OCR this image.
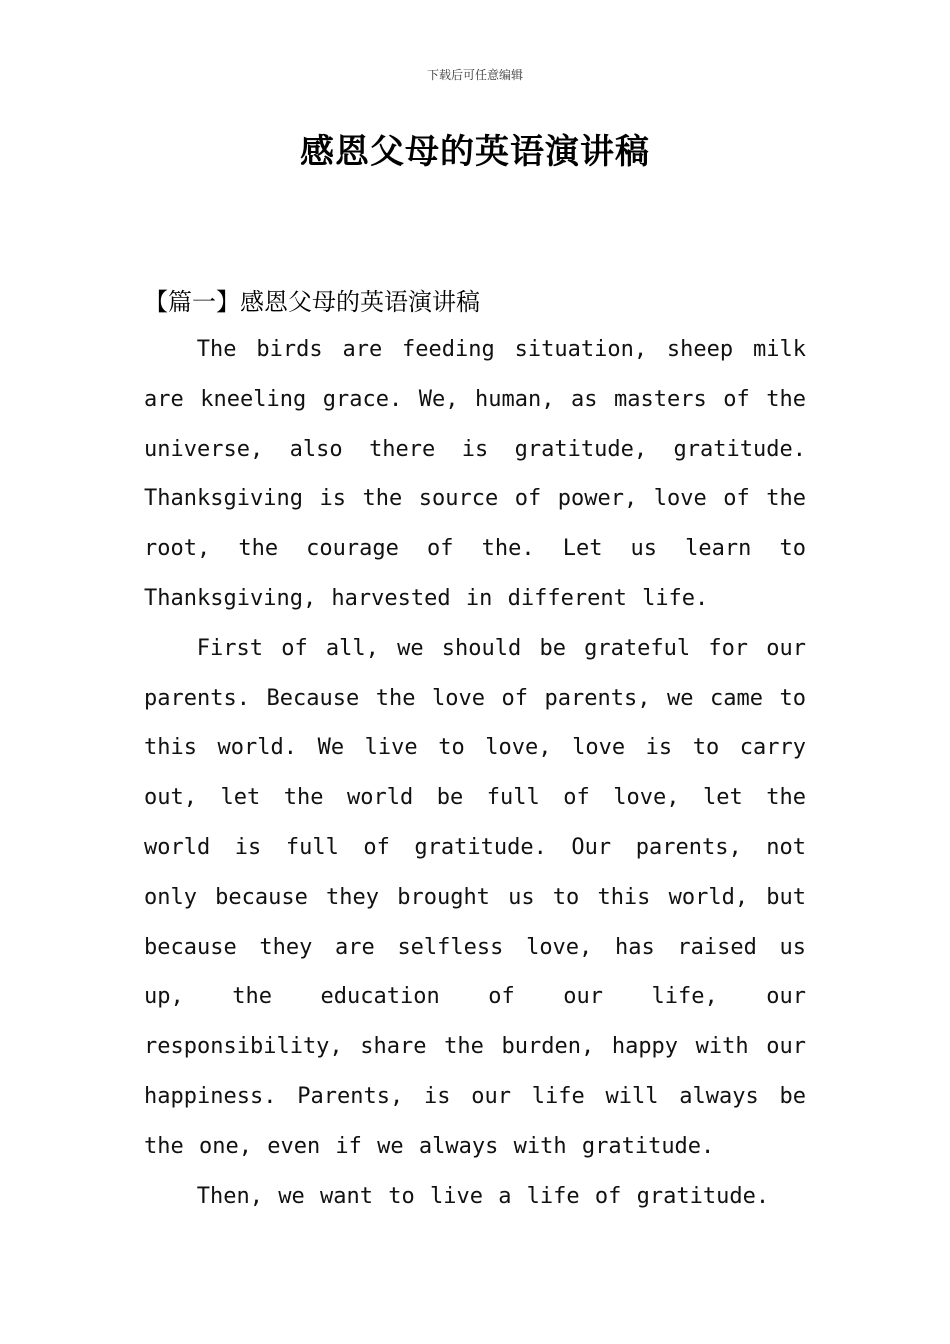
下载后可任意编辑
感恩父母的英语演讲稿
【篇一】感恩父母的英语演讲稿

The birds are feeding situation, sheep milk are kneeling grace. We, human, as masters of the universe, also there is gratitude, gratitude. Thanksgiving is the source of power, love of the root, the courage of the. Let us learn to Thanksgiving, harvested in different life.

First of all, we should be grateful for our parents. Because the love of parents, we came to this world. We live to love, love is to carry out, let the world be full of love, let the world is full of gratitude. Our parents, not only because they brought us to this world, but because they are selfless love, has raised us up, the education of our life, our responsibility, share the burden, happy with our happiness. Parents, is our life will always be the one, even if we always with gratitude.

Then, we want to live a life of gratitude.
